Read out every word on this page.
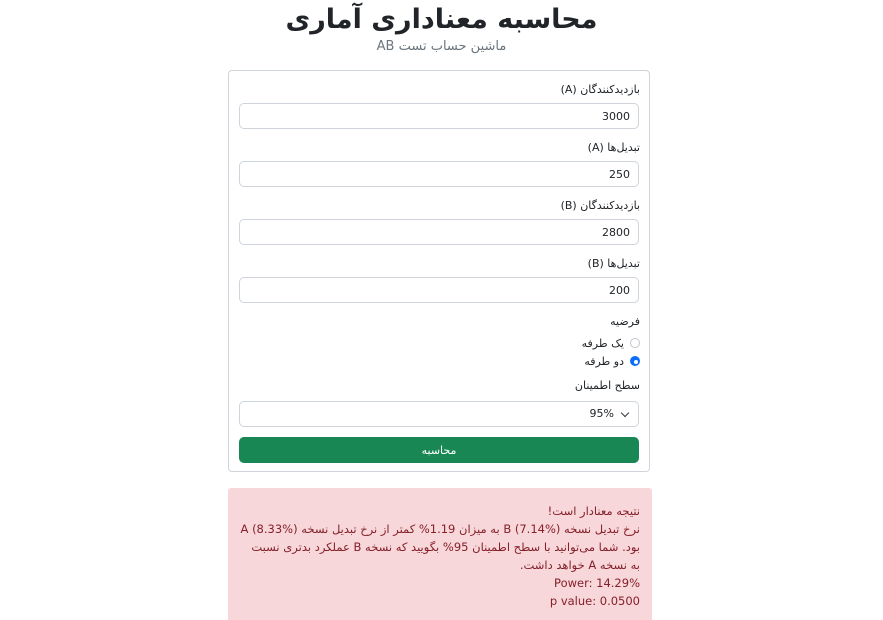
محاسبه معناداری آماری
ماشین حساب تست AB
بازدیدکنندگان (A)
3000
تبدیل‌ها (A)
250
بازدیدکنندگان (B)
2800
تبدیل‌ها (B)
200
فرضیه
یک طرفه
دو طرفه
سطح اطمینان
95%
محاسبه

نتیجه معنادار است!

نرخ تبدیل نسخه B (7.14%) به میزان 1.19% کمتر از نرخ تبدیل نسخه A (8.33%) بود. شما می‌توانید با سطح اطمینان 95% بگویید که نسخه B عملکرد بدتری نسبت به نسخه A خواهد داشت.

Power: 14.29%

p value: 0.0500
